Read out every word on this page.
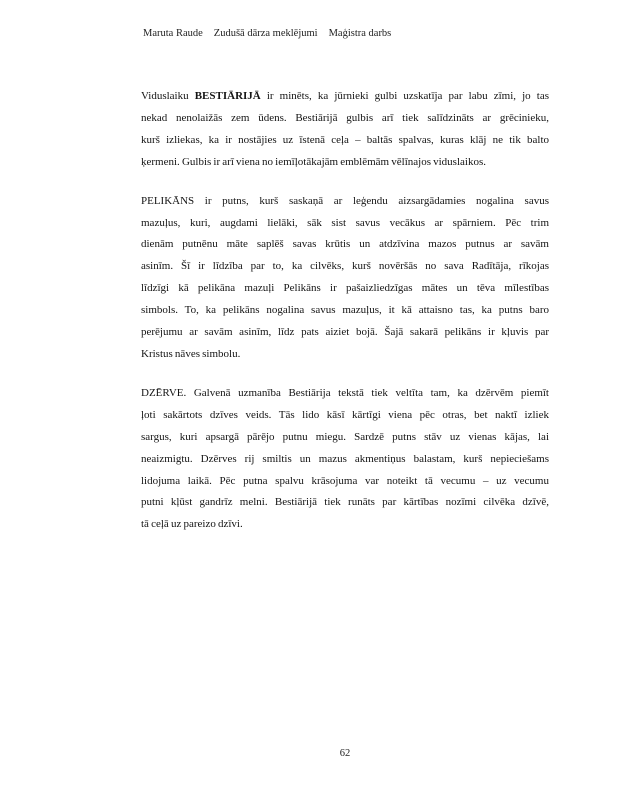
Maruta Raude Zudušā dārza meklējumi Maģistra darbs
Viduslaiku BESTIĀRIJĀ ir minēts, ka jūrnieki gulbi uzskatīja par labu zīmi, jo tas
nekad nenolaižās zem ūdens. Bestiārijā gulbis arī tiek salīdzināts ar grēcinieku,
kurš izliekas, ka ir nostājies uz īstenā ceļa – baltās spalvas, kuras klāj ne tik balto
ķermeni. Gulbis ir arī viena no iemīļotākajām emblēmām vēlīnajos viduslaikos.
PELIKĀNS ir putns, kurš saskaņā ar leģendu aizsargādamies nogalina savus
mazuļus, kuri, augdami lielāki, sāk sist savus vecākus ar spārniem. Pēc trim
dienām putnēnu māte saplēš savas krūtis un atdzīvina mazos putnus ar savām
asinīm. Šī ir līdzība par to, ka cilvēks, kurš novēršās no sava Radītāja, rīkojas
līdzīgi kā pelikāna mazuļi Pelikāns ir pašaizliedzīgas mātes un tēva mīlestības
simbols. To, ka pelikāns nogalina savus mazuļus, it kā attaisno tas, ka putns baro
perējumu ar savām asinīm, līdz pats aiziet bojā. Šajā sakarā pelikāns ir kļuvis par
Kristus nāves simbolu.
DZĒRVE. Galvenā uzmanība Bestiārija tekstā tiek veltīta tam, ka dzērvēm piemīt
ļoti sakārtots dzīves veids. Tās lido kāsī kārtīgi viena pēc otras, bet naktī izliek
sargus, kuri apsargā pārējo putnu miegu. Sardzē putns stāv uz vienas kājas, lai
neaizmigtu. Dzērves rij smiltis un mazus akmentiņus balastam, kurš nepieciešams
lidojuma laikā. Pēc putna spalvu krāsojuma var noteikt tā vecumu – uz vecumu
putni kļūst gandrīz melni. Bestiārijā tiek runāts par kārtības nozīmi cilvēka dzīvē,
tā ceļā uz pareizo dzīvi.
62
